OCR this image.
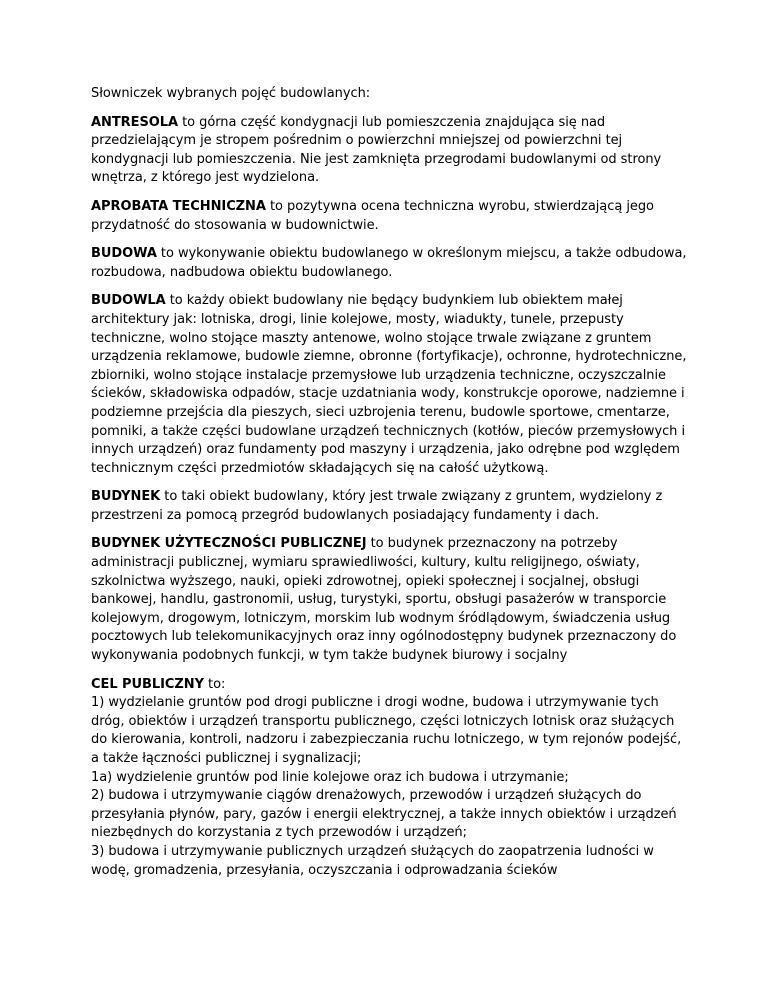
Słowniczek wybranych pojęć budowlanych:

ANTRESOLA to górna część kondygnacji lub pomieszczenia znajdująca się nad przedzielającym je stropem pośrednim o powierzchni mniejszej od powierzchni tej kondygnacji lub pomieszczenia. Nie jest zamknięta przegrodami budowlanymi od strony wnętrza, z którego jest wydzielona.

APROBATA TECHNICZNA to pozytywna ocena techniczna wyrobu, stwierdzającą jego przydatność do stosowania w budownictwie.

BUDOWA to wykonywanie obiektu budowlanego w określonym miejscu, a także odbudowa, rozbudowa, nadbudowa obiektu budowlanego.

BUDOWLA to każdy obiekt budowlany nie będący budynkiem lub obiektem małej architektury jak: lotniska, drogi, linie kolejowe, mosty, wiadukty, tunele, przepusty techniczne, wolno stojące maszty antenowe, wolno stojące trwale związane z gruntem urządzenia reklamowe, budowle ziemne, obronne (fortyfikacje), ochronne, hydrotechniczne, zbiorniki, wolno stojące instalacje przemysłowe lub urządzenia techniczne, oczyszczalnie ścieków, składowiska odpadów, stacje uzdatniania wody, konstrukcje oporowe, nadziemne i podziemne przejścia dla pieszych, sieci uzbrojenia terenu, budowle sportowe, cmentarze, pomniki, a także części budowlane urządzeń technicznych (kotłów, pieców przemysłowych i innych urządzeń) oraz fundamenty pod maszyny i urządzenia, jako odrębne pod względem technicznym części przedmiotów składających się na całość użytkową.

BUDYNEK to taki obiekt budowlany, który jest trwale związany z gruntem, wydzielony z przestrzeni za pomocą przegród budowlanych posiadający fundamenty i dach.

BUDYNEK UŻYTECZNOŚCI PUBLICZNEJ to budynek przeznaczony na potrzeby administracji publicznej, wymiaru sprawiedliwości, kultury, kultu religijnego, oświaty, szkolnictwa wyższego, nauki, opieki zdrowotnej, opieki społecznej i socjalnej, obsługi bankowej, handlu, gastronomii, usług, turystyki, sportu, obsługi pasażerów w transporcie kolejowym, drogowym, lotniczym, morskim lub wodnym śródlądowym, świadczenia usług pocztowych lub telekomunikacyjnych oraz inny ogólnodostępny budynek przeznaczony do wykonywania podobnych funkcji, w tym także budynek biurowy i socjalny

CEL PUBLICZNY to:
1) wydzielanie gruntów pod drogi publiczne i drogi wodne, budowa i utrzymywanie tych dróg, obiektów i urządzeń transportu publicznego, części lotniczych lotnisk oraz służących do kierowania, kontroli, nadzoru i zabezpieczania ruchu lotniczego, w tym rejonów podejść, a także łączności publicznej i sygnalizacji;
1a) wydzielenie gruntów pod linie kolejowe oraz ich budowa i utrzymanie;
2) budowa i utrzymywanie ciągów drenażowych, przewodów i urządzeń służących do przesyłania płynów, pary, gazów i energii elektrycznej, a także innych obiektów i urządzeń niezbędnych do korzystania z tych przewodów i urządzeń;
3) budowa i utrzymywanie publicznych urządzeń służących do zaopatrzenia ludności w wodę, gromadzenia, przesyłania, oczyszczania i odprowadzania ścieków
